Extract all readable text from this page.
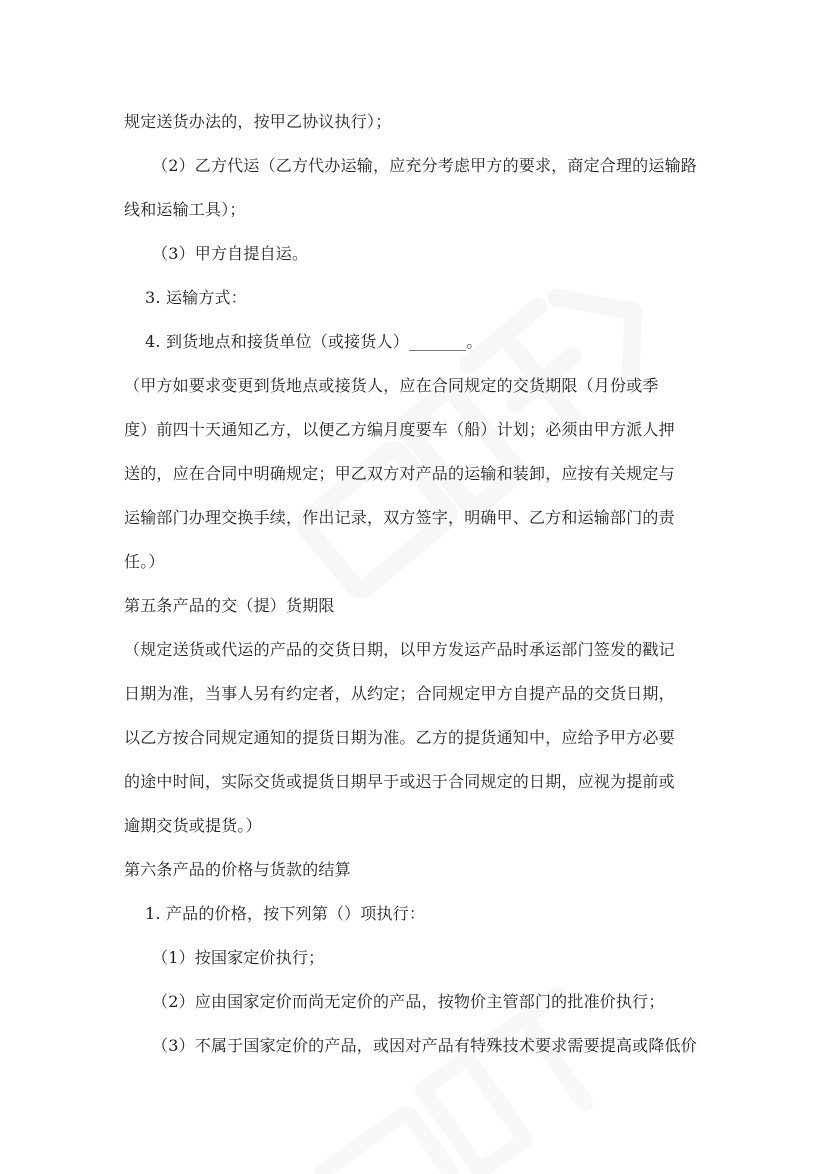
规定送货办法的，按甲乙协议执行）；

（2）乙方代运（乙方代办运输，应充分考虑甲方的要求，商定合理的运输路

线和运输工具）；

（3）甲方自提自运。

3. 运输方式：

4. 到货地点和接货单位（或接货人）_______。

（甲方如要求变更到货地点或接货人，应在合同规定的交货期限（月份或季

度）前四十天通知乙方，以便乙方编月度要车（船）计划；必须由甲方派人押

送的，应在合同中明确规定；甲乙双方对产品的运输和装卸，应按有关规定与

运输部门办理交换手续，作出记录，双方签字，明确甲、乙方和运输部门的责

任。）

第五条产品的交（提）货期限

（规定送货或代运的产品的交货日期，以甲方发运产品时承运部门签发的戳记

日期为准，当事人另有约定者，从约定；合同规定甲方自提产品的交货日期，

以乙方按合同规定通知的提货日期为准。乙方的提货通知中，应给予甲方必要

的途中时间，实际交货或提货日期早于或迟于合同规定的日期，应视为提前或

逾期交货或提货。）

第六条产品的价格与货款的结算

1. 产品的价格，按下列第（）项执行：

（1）按国家定价执行；

（2）应由国家定价而尚无定价的产品，按物价主管部门的批准价执行；

（3）不属于国家定价的产品，或因对产品有特殊技术要求需要提高或降低价
